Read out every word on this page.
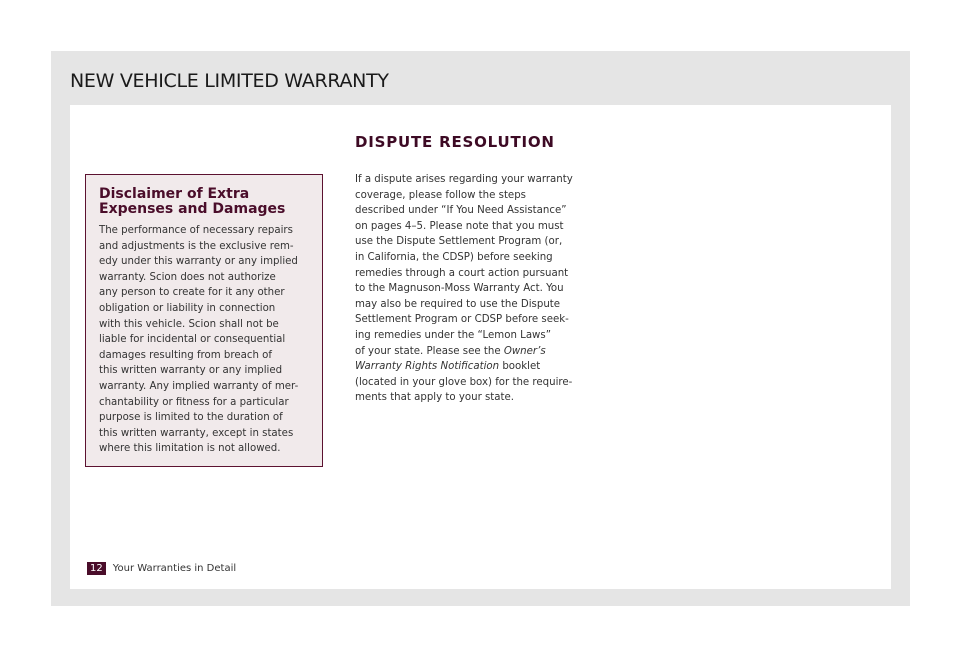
NEW VEHICLE LIMITED WARRANTY
Disclaimer of Extra Expenses and Damages

The performance of necessary repairs
and adjustments is the exclusive rem-
edy under this warranty or any implied
warranty. Scion does not authorize
any person to create for it any other
obligation or liability in connection
with this vehicle. Scion shall not be
liable for incidental or consequential
damages resulting from breach of
this written warranty or any implied
warranty. Any implied warranty of mer-
chantability or fitness for a particular
purpose is limited to the duration of
this written warranty, except in states
where this limitation is not allowed.

DISPUTE RESOLUTION

If a dispute arises regarding your warranty
coverage, please follow the steps
described under “If You Need Assistance”
on pages 4–5. Please note that you must
use the Dispute Settlement Program (or,
in California, the CDSP) before seeking
remedies through a court action pursuant
to the Magnuson-Moss Warranty Act. You
may also be required to use the Dispute
Settlement Program or CDSP before seek-
ing remedies under the “Lemon Laws”
of your state. Please see the Owner’s
Warranty Rights Notification booklet
(located in your glove box) for the require-
ments that apply to your state.

12	Your Warranties in Detail
